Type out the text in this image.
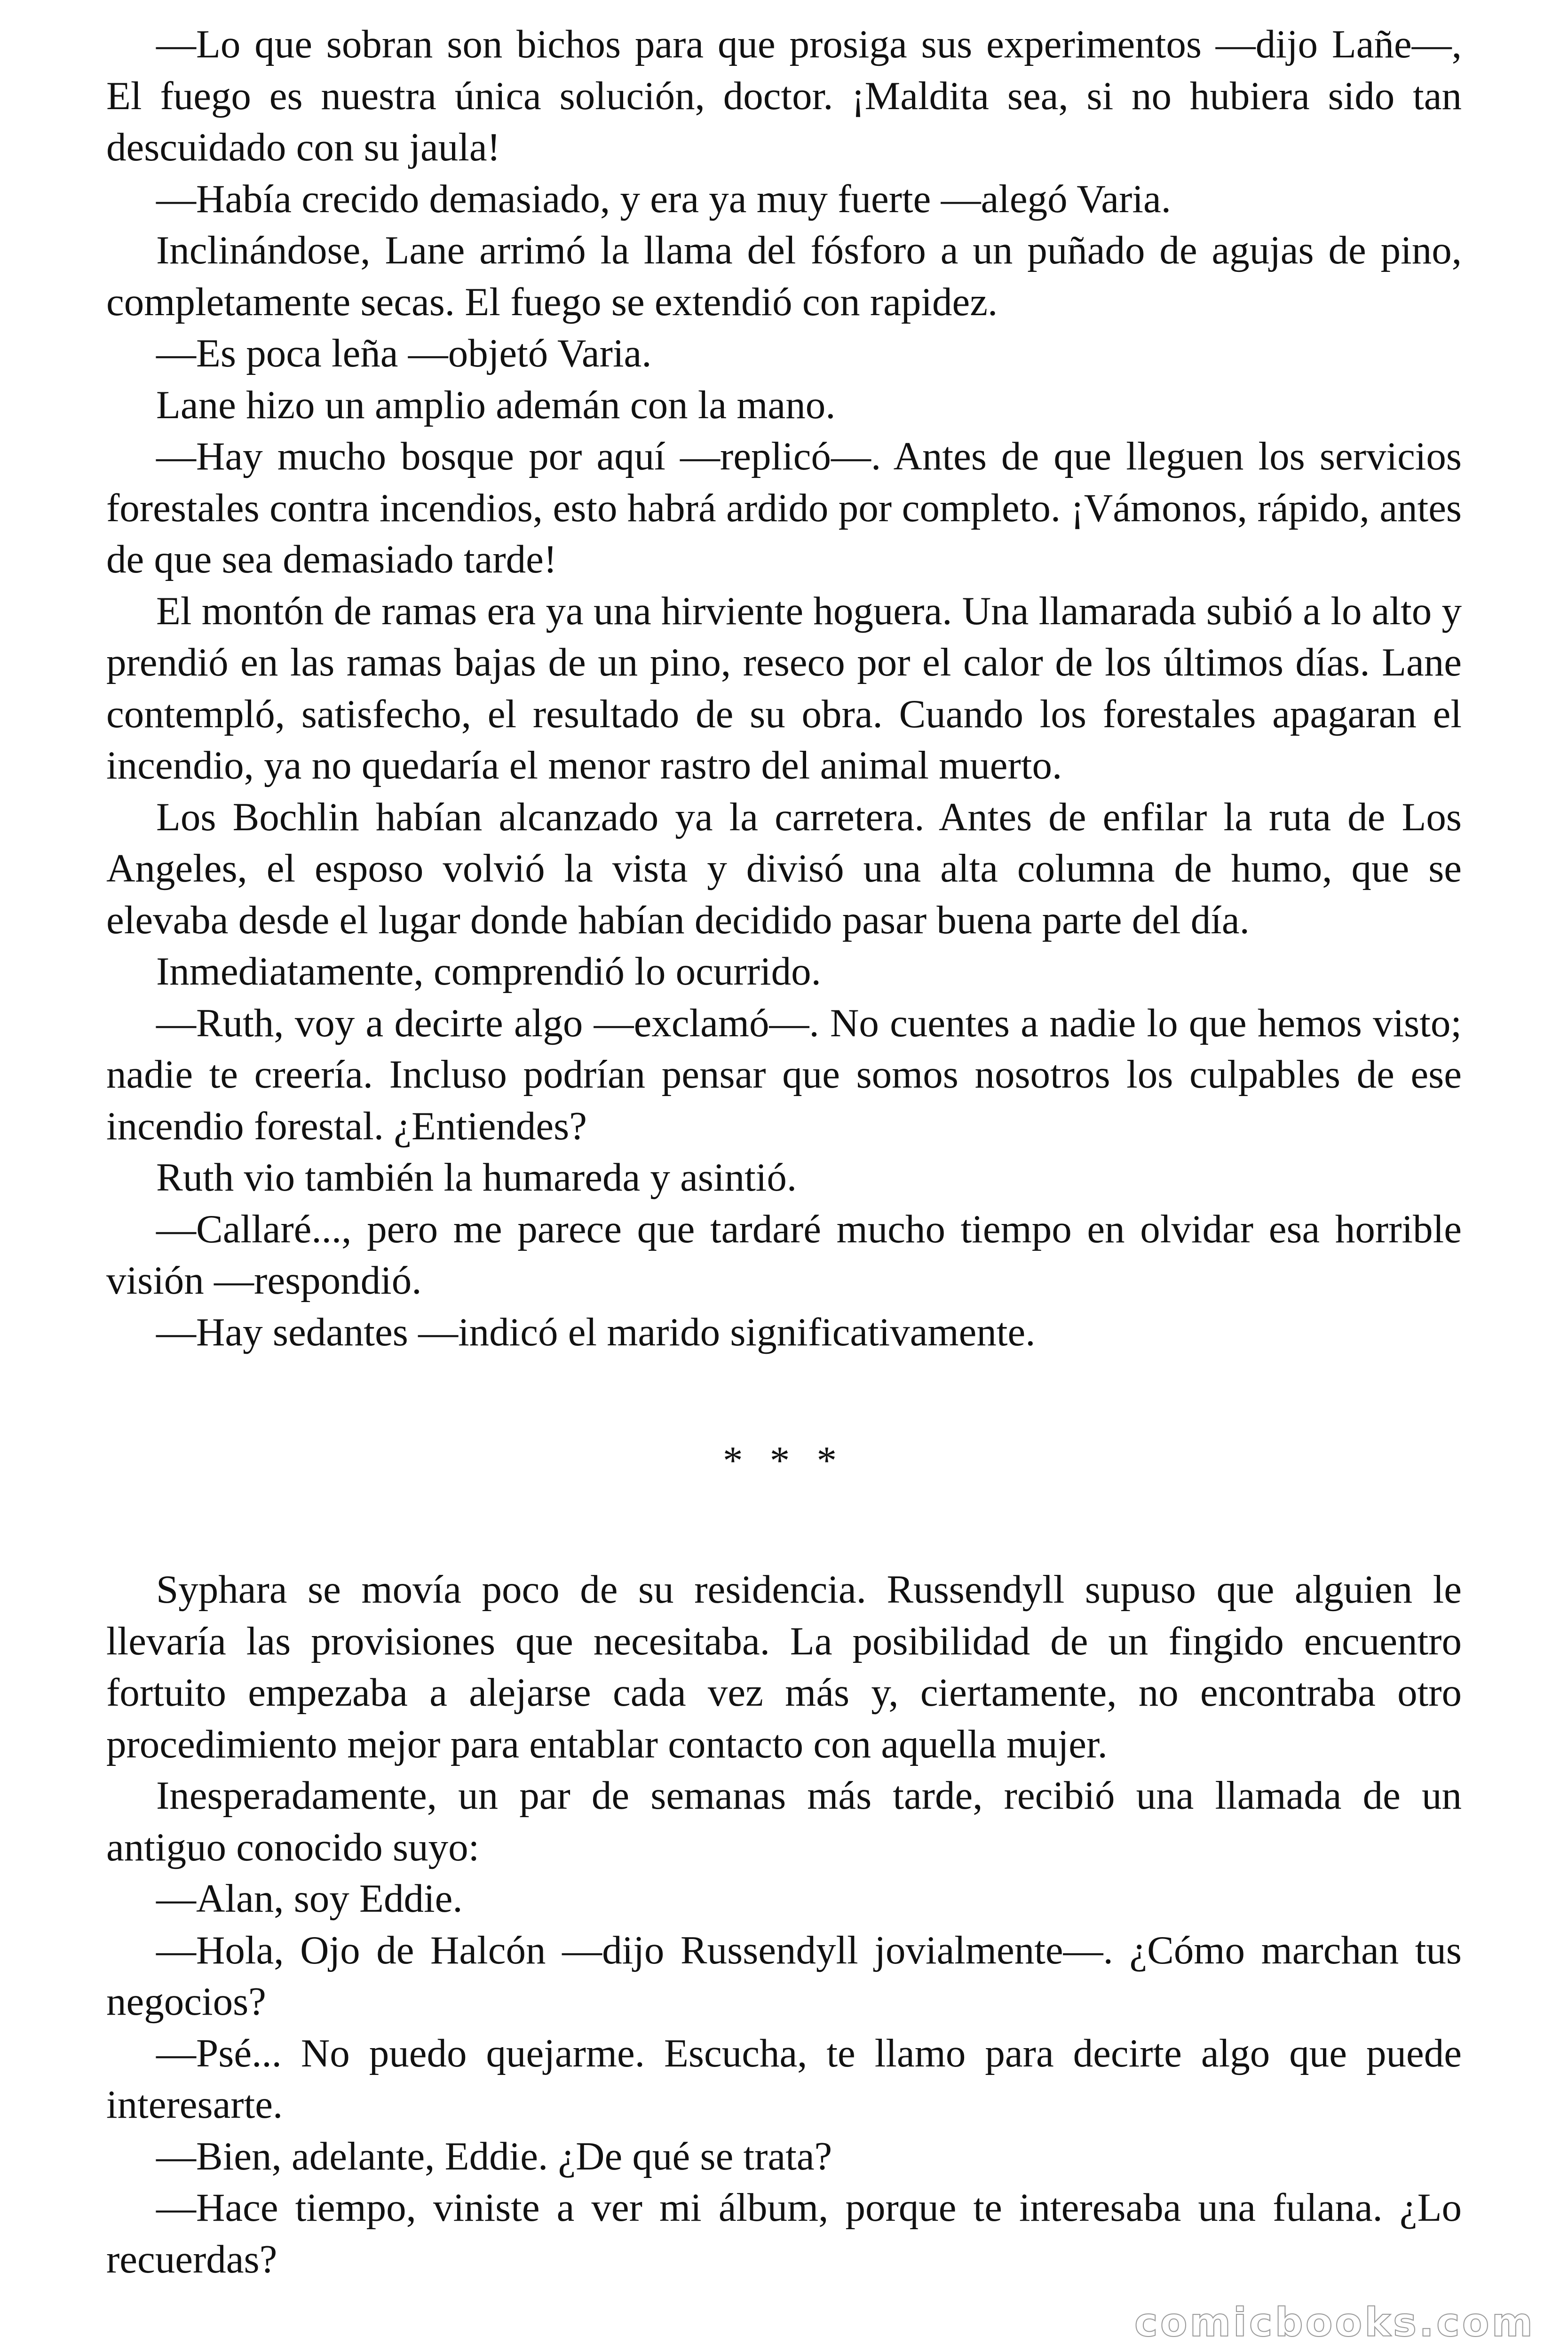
—Lo que sobran son bichos para que prosiga sus experimentos —dijo Lañe—, El fuego es nuestra única solución, doctor. ¡Maldita sea, si no hubiera sido tan descuidado con su jaula!

—Había crecido demasiado, y era ya muy fuerte —alegó Varia.

Inclinándose, Lane arrimó la llama del fósforo a un puñado de agujas de pino, completamente secas. El fuego se extendió con rapidez.

—Es poca leña —objetó Varia.

Lane hizo un amplio ademán con la mano.

—Hay mucho bosque por aquí —replicó—. Antes de que lleguen los servicios forestales contra incendios, esto habrá ardido por completo. ¡Vámonos, rápido, antes de que sea demasiado tarde!

El montón de ramas era ya una hirviente hoguera. Una llamarada subió a lo alto y prendió en las ramas bajas de un pino, reseco por el calor de los últimos días. Lane contempló, satisfecho, el resultado de su obra. Cuando los forestales apagaran el incendio, ya no quedaría el menor rastro del animal muerto.

Los Bochlin habían alcanzado ya la carretera. Antes de enfilar la ruta de Los Angeles, el esposo volvió la vista y divisó una alta columna de humo, que se elevaba desde el lugar donde habían decidido pasar buena parte del día.

Inmediatamente, comprendió lo ocurrido.

—Ruth, voy a decirte algo —exclamó—. No cuentes a nadie lo que hemos visto; nadie te creería. Incluso podrían pensar que somos nosotros los culpables de ese incendio forestal. ¿Entiendes?

Ruth vio también la humareda y asintió.

—Callaré..., pero me parece que tardaré mucho tiempo en olvidar esa horrible visión —respondió.

—Hay sedantes —indicó el marido significativamente.

* * *

Syphara se movía poco de su residencia. Russendyll supuso que alguien le llevaría las provisiones que necesitaba. La posibilidad de un fingido encuentro fortuito empezaba a alejarse cada vez más y, ciertamente, no encontraba otro procedimiento mejor para entablar contacto con aquella mujer.

Inesperadamente, un par de semanas más tarde, recibió una llamada de un antiguo conocido suyo:

—Alan, soy Eddie.

—Hola, Ojo de Halcón —dijo Russendyll jovialmente—. ¿Cómo marchan tus negocios?

—Psé... No puedo quejarme. Escucha, te llamo para decirte algo que puede interesarte.

—Bien, adelante, Eddie. ¿De qué se trata?

—Hace tiempo, viniste a ver mi álbum, porque te interesaba una fulana. ¿Lo recuerdas?

comicbooks.com
